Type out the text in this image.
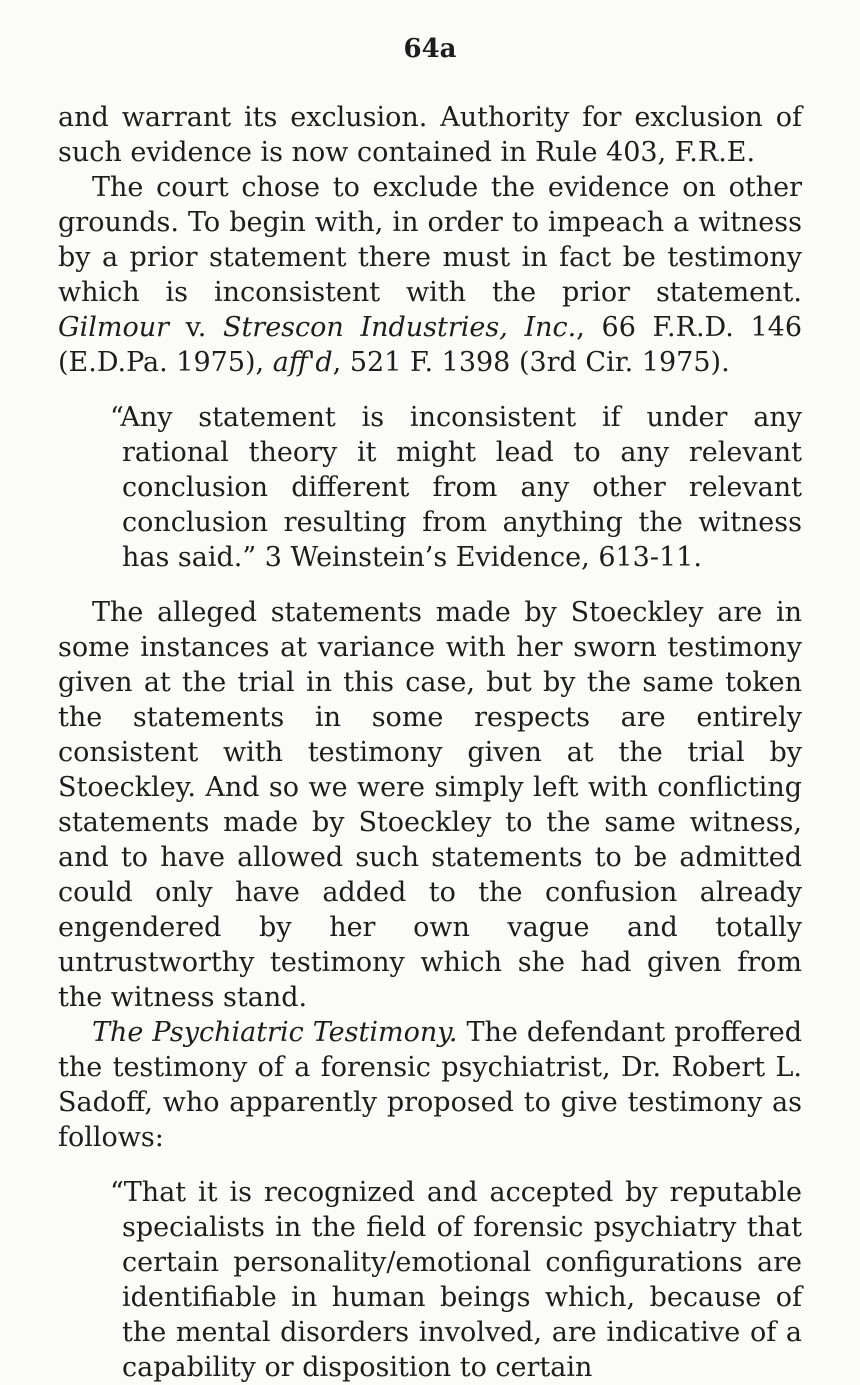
64a

and warrant its exclusion. Authority for exclusion of such evidence is now contained in Rule 403, F.R.E.

The court chose to exclude the evidence on other grounds. To begin with, in order to impeach a witness by a prior statement there must in fact be testimony which is inconsistent with the prior statement. Gilmour v. Strescon Industries, Inc., 66 F.R.D. 146 (E.D.Pa. 1975), aff'd, 521 F. 1398 (3rd Cir. 1975).

“Any statement is inconsistent if under any rational theory it might lead to any relevant conclusion different from any other relevant conclusion resulting from anything the witness has said.” 3 Weinstein’s Evidence, 613-11.

The alleged statements made by Stoeckley are in some instances at variance with her sworn testimony given at the trial in this case, but by the same token the statements in some respects are entirely consistent with testimony given at the trial by Stoeckley. And so we were simply left with conflicting statements made by Stoeckley to the same witness, and to have allowed such statements to be admitted could only have added to the confusion already engendered by her own vague and totally untrustworthy testimony which she had given from the witness stand.

The Psychiatric Testimony. The defendant proffered the testimony of a forensic psychiatrist, Dr. Robert L. Sadoff, who apparently proposed to give testimony as follows:

“That it is recognized and accepted by reputable specialists in the field of forensic psychiatry that certain personality/emotional configurations are identifiable in human beings which, because of the mental disorders involved, are indicative of a capability or disposition to certain
